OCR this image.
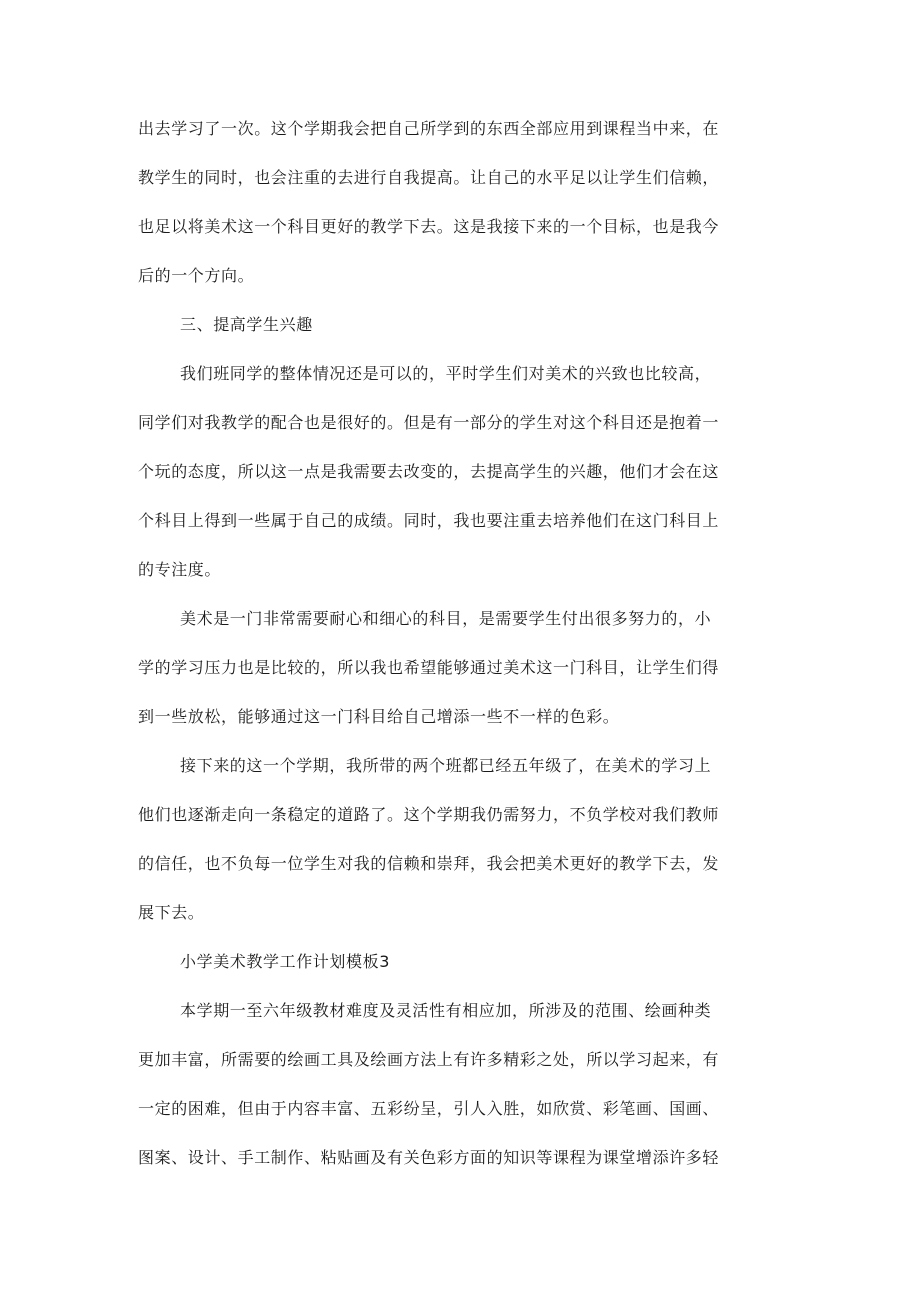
出去学习了一次。这个学期我会把自己所学到的东西全部应用到课程当中来，在
教学生的同时，也会注重的去进行自我提高。让自己的水平足以让学生们信赖，
也足以将美术这一个科目更好的教学下去。这是我接下来的一个目标，也是我今
后的一个方向。
三、提高学生兴趣
我们班同学的整体情况还是可以的，平时学生们对美术的兴致也比较高，
同学们对我教学的配合也是很好的。但是有一部分的学生对这个科目还是抱着一
个玩的态度，所以这一点是我需要去改变的，去提高学生的兴趣，他们才会在这
个科目上得到一些属于自己的成绩。同时，我也要注重去培养他们在这门科目上
的专注度。
美术是一门非常需要耐心和细心的科目，是需要学生付出很多努力的，小
学的学习压力也是比较的，所以我也希望能够通过美术这一门科目，让学生们得
到一些放松，能够通过这一门科目给自己增添一些不一样的色彩。
接下来的这一个学期，我所带的两个班都已经五年级了，在美术的学习上
他们也逐渐走向一条稳定的道路了。这个学期我仍需努力，不负学校对我们教师
的信任，也不负每一位学生对我的信赖和崇拜，我会把美术更好的教学下去，发
展下去。
小学美术教学工作计划模板3
本学期一至六年级教材难度及灵活性有相应加，所涉及的范围、绘画种类
更加丰富，所需要的绘画工具及绘画方法上有许多精彩之处，所以学习起来，有
一定的困难，但由于内容丰富、五彩纷呈，引人入胜，如欣赏、彩笔画、国画、
图案、设计、手工制作、粘贴画及有关色彩方面的知识等课程为课堂增添许多轻
